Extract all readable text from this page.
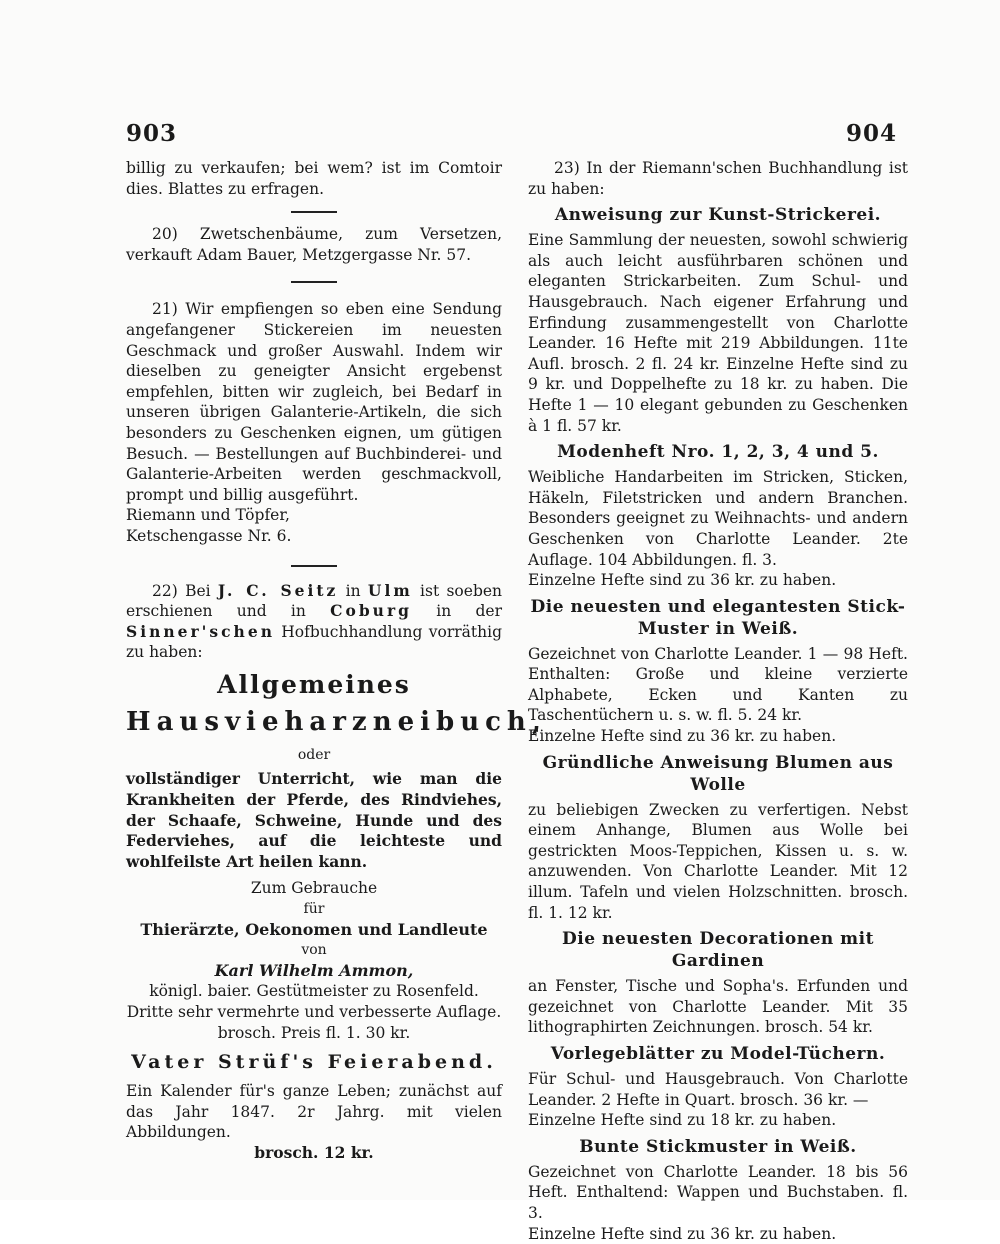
903	904

billig zu verkaufen; bei wem? ist im Comtoir dies. Blattes zu erfragen.

20) Zwetschenbäume, zum Versetzen, verkauft Adam Bauer, Metzgergasse Nr. 57.

21) Wir empfiengen so eben eine Sendung angefangener Stickereien im neuesten Geschmack und großer Auswahl. Indem wir dieselben zu geneigter Ansicht ergebenst empfehlen, bitten wir zugleich, bei Bedarf in unseren übrigen Galanterie-Artikeln, die sich besonders zu Geschenken eignen, um gütigen Besuch. — Bestellungen auf Buchbinderei- und Galanterie-Arbeiten werden geschmackvoll, prompt und billig ausgeführt.

Riemann und Töpfer,

Ketschengasse Nr. 6.

22) Bei J. C. Seitz in Ulm ist soeben erschienen und in Coburg in der Sinner'schen Hofbuchhandlung vorräthig zu haben:

Allgemeines
Hausvieharzneibuch,
oder

vollständiger Unterricht, wie man die Krankheiten der Pferde, des Rindviehes, der Schaafe, Schweine, Hunde und des Federviehes, auf die leichteste und wohlfeilste Art heilen kann.

Zum Gebrauche
für
Thierärzte, Oekonomen und Landleute
von
Karl Wilhelm Ammon,
königl. baier. Gestütmeister zu Rosenfeld.
Dritte sehr vermehrte und verbesserte Auflage.
brosch. Preis fl. 1. 30 kr.
Vater Strüf's Feierabend.

Ein Kalender für's ganze Leben; zunächst auf das Jahr 1847. 2r Jahrg. mit vielen Abbildungen.

brosch. 12 kr.

23) In der Riemann'schen Buchhandlung ist zu haben:

Anweisung zur Kunst-Strickerei.

Eine Sammlung der neuesten, sowohl schwierig als auch leicht ausführbaren schönen und eleganten Strickarbeiten. Zum Schul- und Hausgebrauch. Nach eigener Erfahrung und Erfindung zusammengestellt von Charlotte Leander. 16 Hefte mit 219 Abbildungen. 11te Aufl. brosch. 2 fl. 24 kr. Einzelne Hefte sind zu 9 kr. und Doppelhefte zu 18 kr. zu haben. Die Hefte 1 — 10 elegant gebunden zu Geschenken à 1 fl. 57 kr.

Modenheft Nro. 1, 2, 3, 4 und 5.

Weibliche Handarbeiten im Stricken, Sticken, Häkeln, Filetstricken und andern Branchen. Besonders geeignet zu Weihnachts- und andern Geschenken von Charlotte Leander. 2te Auflage. 104 Abbildungen. fl. 3.

Einzelne Hefte sind zu 36 kr. zu haben.

Die neuesten und elegantesten Stick-Muster in Weiß.

Gezeichnet von Charlotte Leander. 1 — 98 Heft. Enthalten: Große und kleine verzierte Alphabete, Ecken und Kanten zu Taschentüchern u. s. w. fl. 5. 24 kr.

Einzelne Hefte sind zu 36 kr. zu haben.

Gründliche Anweisung Blumen aus Wolle

zu beliebigen Zwecken zu verfertigen. Nebst einem Anhange, Blumen aus Wolle bei gestrickten Moos-Teppichen, Kissen u. s. w. anzuwenden. Von Charlotte Leander. Mit 12 illum. Tafeln und vielen Holzschnitten. brosch. fl. 1. 12 kr.

Die neuesten Decorationen mit Gardinen

an Fenster, Tische und Sopha's. Erfunden und gezeichnet von Charlotte Leander. Mit 35 lithographirten Zeichnungen. brosch. 54 kr.

Vorlegeblätter zu Model-Tüchern.

Für Schul- und Hausgebrauch. Von Charlotte Leander. 2 Hefte in Quart. brosch. 36 kr. —

Einzelne Hefte sind zu 18 kr. zu haben.

Bunte Stickmuster in Weiß.

Gezeichnet von Charlotte Leander. 18 bis 56 Heft. Enthaltend: Wappen und Buchstaben. fl. 3.

Einzelne Hefte sind zu 36 kr. zu haben.
